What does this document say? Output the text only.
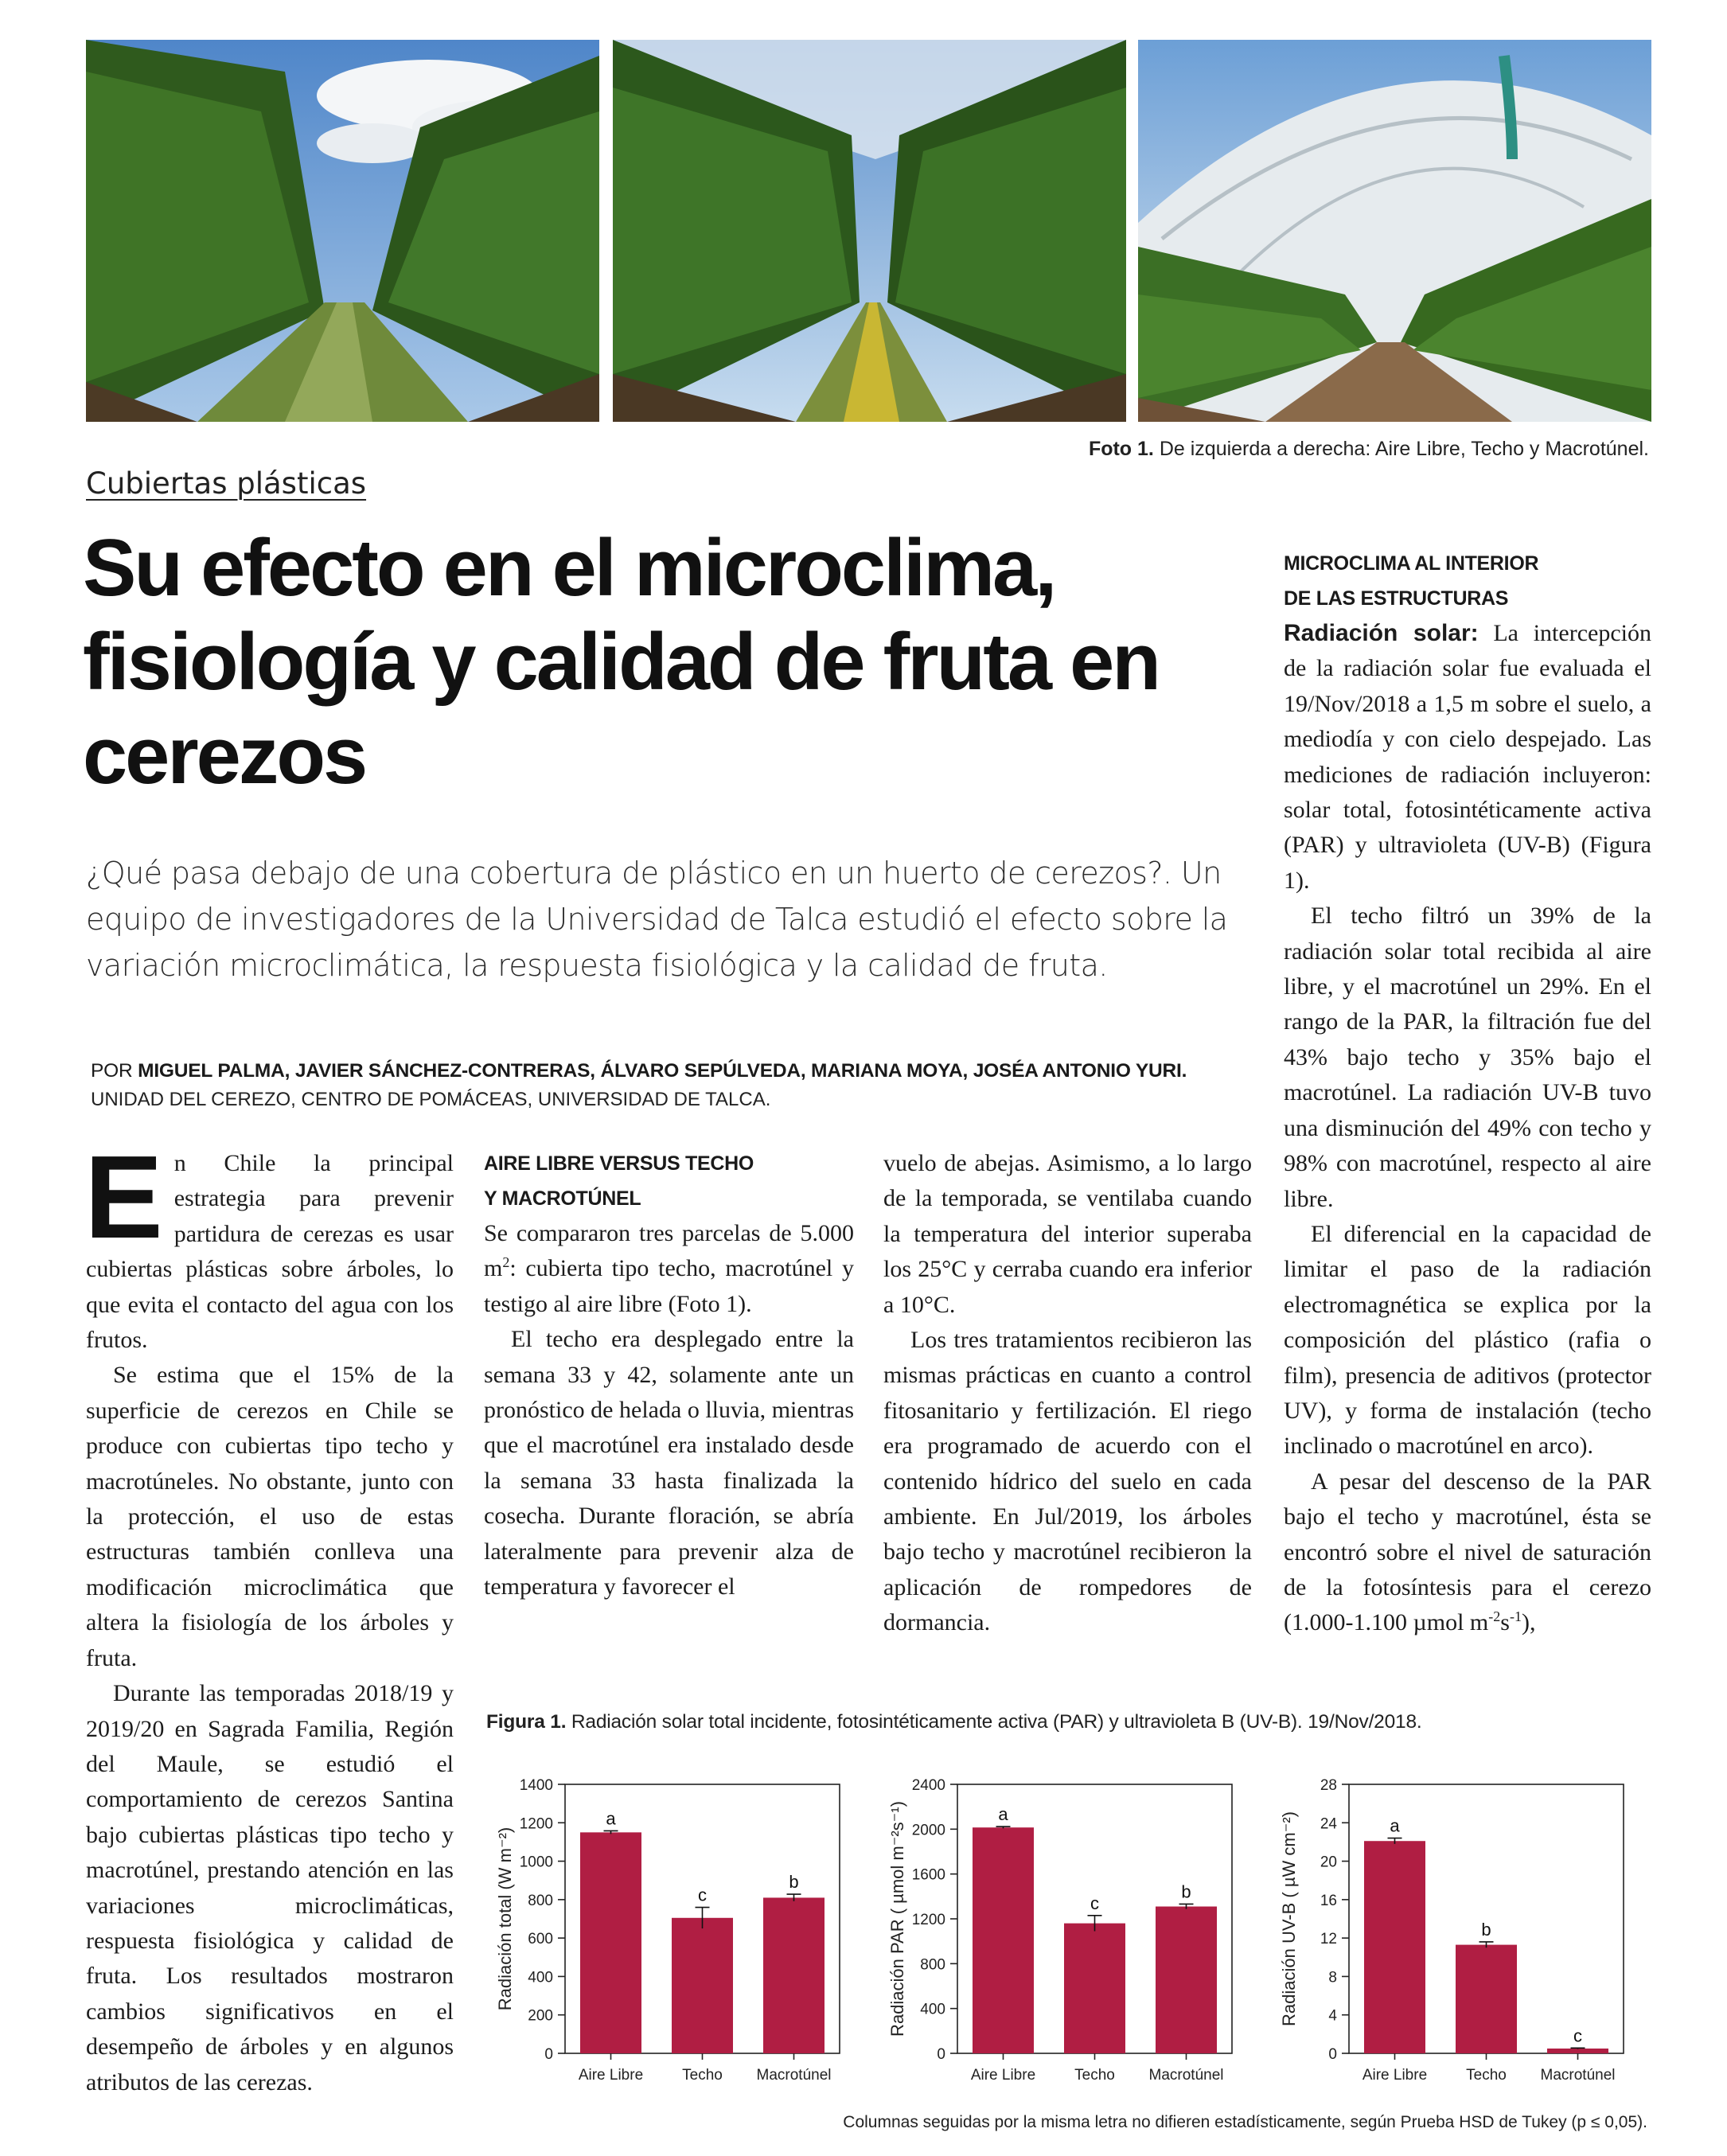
Foto 1. De izquierda a derecha: Aire Libre, Techo y Macrotúnel.
Cubiertas plásticas
Su efecto en el microclima, fisiología y calidad de fruta en cerezos

¿Qué pasa debajo de una cobertura de plástico en un huerto de cerezos?. Un equipo de investigadores de la Universidad de Talca estudió el efecto sobre la variación microclimática, la respuesta fisiológica y la calidad de fruta.

POR MIGUEL PALMA, JAVIER SÁNCHEZ-CONTRERAS, ÁLVARO SEPÚLVEDA, MARIANA MOYA, JOSÉA ANTONIO YURI.
UNIDAD DEL CEREZO, CENTRO DE POMÁCEAS, UNIVERSIDAD DE TALCA.

En Chile la principal estrategia para prevenir partidura de cerezas es usar cubiertas plásticas sobre árboles, lo que evita el contacto del agua con los frutos.

Se estima que el 15% de la superficie de cerezos en Chile se produce con cubiertas tipo techo y macrotúneles. No obstante, junto con la protección, el uso de estas estructuras también conlleva una modificación microclimática que altera la fisiología de los árboles y fruta.

Durante las temporadas 2018/19 y 2019/20 en Sagrada Familia, Región del Maule, se estudió el comportamiento de cerezos Santina bajo cubiertas plásticas tipo techo y macrotúnel, prestando atención en las variaciones microclimáticas, respuesta fisiológica y calidad de fruta. Los resultados mostraron cambios significativos en el desempeño de árboles y en algunos atributos de las cerezas.

AIRE LIBRE VERSUS TECHO
Y MACROTÚNEL

Se compararon tres parcelas de 5.000 $m^2$: cubierta tipo techo, macrotúnel y testigo al aire libre (Foto 1).

El techo era desplegado entre la semana 33 y 42, solamente ante un pronóstico de helada o lluvia, mientras que el macrotúnel era instalado desde la semana 33 hasta finalizada la cosecha. Durante floración, se abría lateralmente para prevenir alza de temperatura y favorecer el

vuelo de abejas. Asimismo, a lo largo de la temporada, se ventilaba cuando la temperatura del interior superaba los 25°C y cerraba cuando era inferior a 10°C.

Los tres tratamientos recibieron las mismas prácticas en cuanto a control fitosanitario y fertilización. El riego era programado de acuerdo con el contenido hídrico del suelo en cada ambiente. En Jul/2019, los árboles bajo techo y macrotúnel recibieron la aplicación de rompedores de dormancia.

MICROCLIMA AL INTERIOR
DE LAS ESTRUCTURAS

Radiación solar: La intercepción de la radiación solar fue evaluada el 19/Nov/2018 a 1,5 m sobre el suelo, a mediodía y con cielo despejado. Las mediciones de radiación incluyeron: solar total, fotosintéticamente activa (PAR) y ultravioleta (UV-B) (Figura 1).

El techo filtró un 39% de la radiación solar total recibida al aire libre, y el macrotúnel un 29%. En el rango de la PAR, la filtración fue del 43% bajo techo y 35% bajo el macrotúnel. La radiación UV-B tuvo una disminución del 49% con techo y 98% con macrotúnel, respecto al aire libre.

El diferencial en la capacidad de limitar el paso de la radiación electromagnética se explica por la composición del plástico (rafia o film), presencia de aditivos (protector UV), y forma de instalación (techo inclinado o macrotúnel en arco).

A pesar del descenso de la PAR bajo el techo y macrotúnel, ésta se encontró sobre el nivel de saturación de la fotosíntesis para el cerezo (1.000-1.100 µmol $m^{-2}s^{-1}$),

Figura 1. Radiación solar total incidente, fotosintéticamente activa (PAR) y ultravioleta B (UV-B). 19/Nov/2018.
0
200
400
600
800
1000
1200
1400
Radiación total (W m⁻²)
a
Aire Libre
c
Techo
b
Macrotúnel
0
400
800
1200
1600
2000
2400
Radiación PAR ( µmol m⁻²s⁻¹)	a
Aire Libre
c
Techo
b
Macrotúnel
0
4
8
12
16
20
24
28
Radiación UV-B ( µW cm⁻²)	a
Aire Libre
b
Techo
c
Macrotúnel
Columnas seguidas por la misma letra no difieren estadísticamente, según Prueba HSD de Tukey (p ≤ 0,05).
